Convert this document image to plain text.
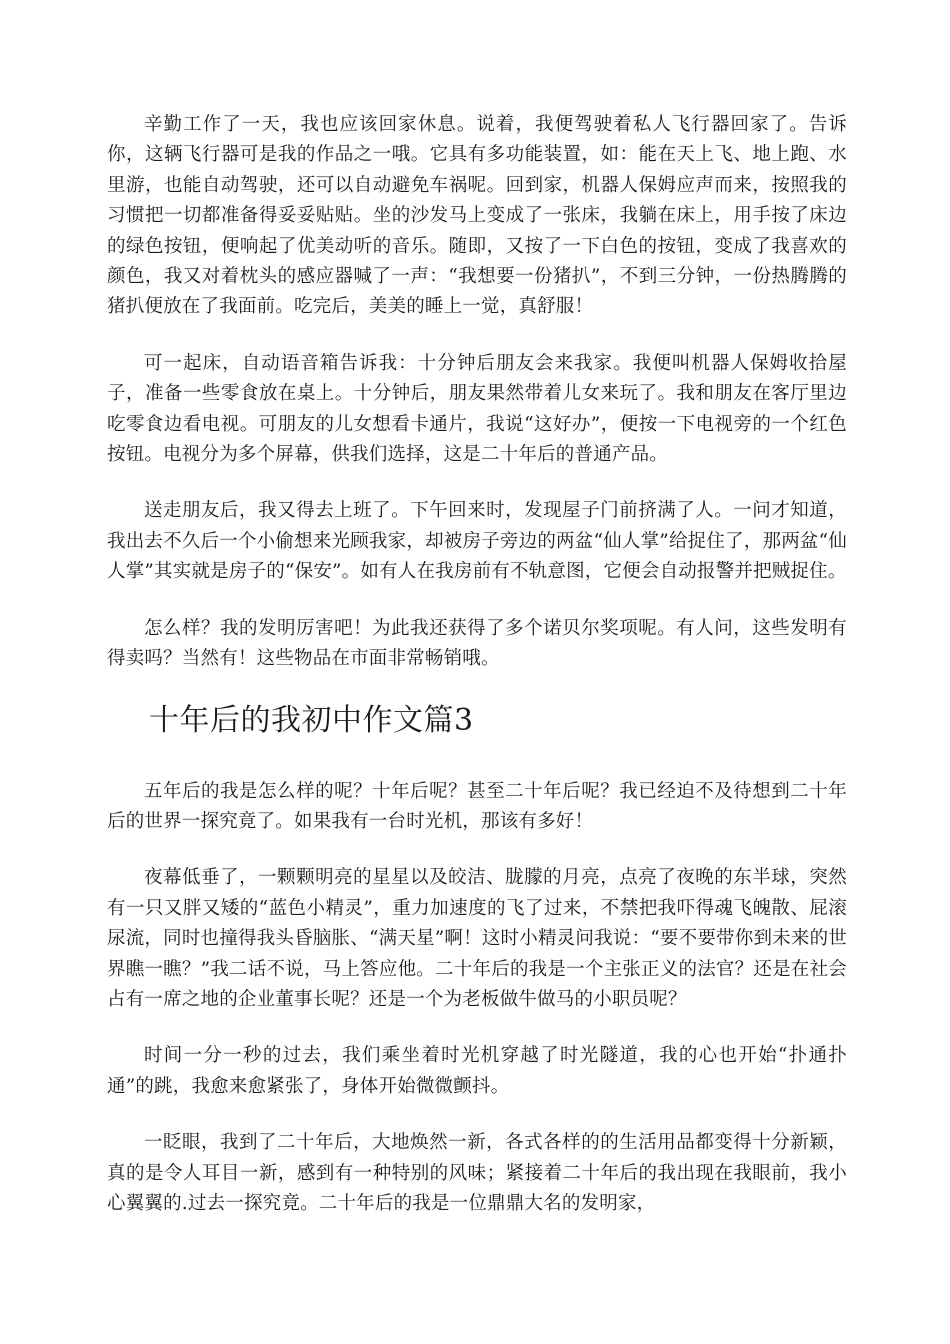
辛勤工作了一天，我也应该回家休息。说着，我便驾驶着私人飞行器回家了。告诉你，这辆飞行器可是我的作品之一哦。它具有多功能装置，如：能在天上飞、地上跑、水里游，也能自动驾驶，还可以自动避免车祸呢。回到家，机器人保姆应声而来，按照我的习惯把一切都准备得妥妥贴贴。坐的沙发马上变成了一张床，我躺在床上，用手按了床边的绿色按钮，便响起了优美动听的音乐。随即，又按了一下白色的按钮，变成了我喜欢的颜色，我又对着枕头的感应器喊了一声：“我想要一份猪扒”，不到三分钟，一份热腾腾的猪扒便放在了我面前。吃完后，美美的睡上一觉，真舒服！

可一起床，自动语音箱告诉我：十分钟后朋友会来我家。我便叫机器人保姆收拾屋子，准备一些零食放在桌上。十分钟后，朋友果然带着儿女来玩了。我和朋友在客厅里边吃零食边看电视。可朋友的儿女想看卡通片，我说“这好办”，便按一下电视旁的一个红色按钮。电视分为多个屏幕，供我们选择，这是二十年后的普通产品。

送走朋友后，我又得去上班了。下午回来时，发现屋子门前挤满了人。一问才知道，我出去不久后一个小偷想来光顾我家，却被房子旁边的两盆“仙人掌”给捉住了，那两盆“仙人掌”其实就是房子的“保安”。如有人在我房前有不轨意图，它便会自动报警并把贼捉住。

怎么样？我的发明厉害吧！为此我还获得了多个诺贝尔奖项呢。有人问，这些发明有得卖吗？当然有！这些物品在市面非常畅销哦。

十年后的我初中作文篇3

五年后的我是怎么样的呢？十年后呢？甚至二十年后呢？我已经迫不及待想到二十年后的世界一探究竟了。如果我有一台时光机，那该有多好！

夜幕低垂了，一颗颗明亮的星星以及皎洁、胧朦的月亮，点亮了夜晚的东半球，突然有一只又胖又矮的“蓝色小精灵”，重力加速度的飞了过来，不禁把我吓得魂飞魄散、屁滚尿流，同时也撞得我头昏脑胀、“满天星”啊！这时小精灵问我说：“要不要带你到未来的世界瞧一瞧？”我二话不说，马上答应他。二十年后的我是一个主张正义的法官？还是在社会占有一席之地的企业董事长呢？还是一个为老板做牛做马的小职员呢？

时间一分一秒的过去，我们乘坐着时光机穿越了时光隧道，我的心也开始“扑通扑通”的跳，我愈来愈紧张了，身体开始微微颤抖。

一眨眼，我到了二十年后，大地焕然一新，各式各样的的生活用品都变得十分新颖，真的是令人耳目一新，感到有一种特别的风味；紧接着二十年后的我出现在我眼前，我小心翼翼的.过去一探究竟。二十年后的我是一位鼎鼎大名的发明家，
